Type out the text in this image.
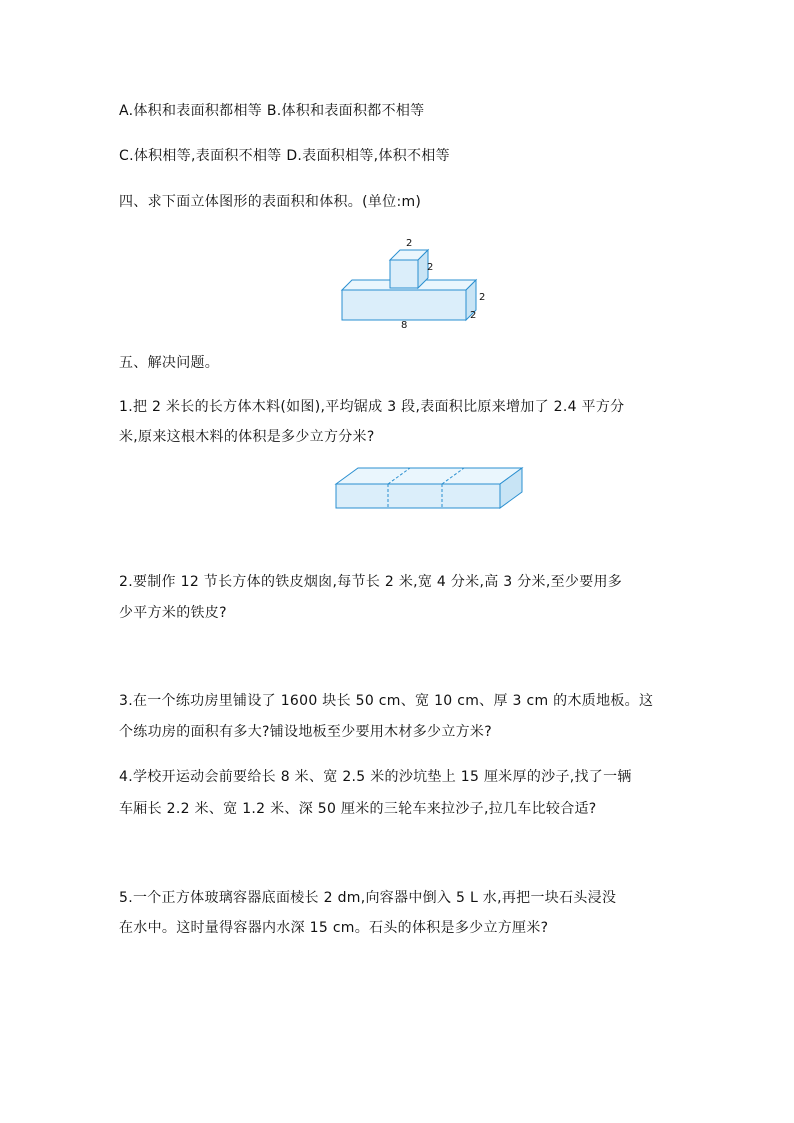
A.体积和表面积都相等 B.体积和表面积都不相等
C.体积相等,表面积不相等 D.表面积相等,体积不相等
四、求下面立体图形的表面积和体积。(单位:m)
2
2
2
2
8
五、解决问题。
1.把 2 米长的长方体木料(如图),平均锯成 3 段,表面积比原来增加了 2.4 平方分
米,原来这根木料的体积是多少立方分米?
2.要制作 12 节长方体的铁皮烟囱,每节长 2 米,宽 4 分米,高 3 分米,至少要用多
少平方米的铁皮?
3.在一个练功房里铺设了 1600 块长 50 cm、宽 10 cm、厚 3 cm 的木质地板。这
个练功房的面积有多大?铺设地板至少要用木材多少立方米?
4.学校开运动会前要给长 8 米、宽 2.5 米的沙坑垫上 15 厘米厚的沙子,找了一辆
车厢长 2.2 米、宽 1.2 米、深 50 厘米的三轮车来拉沙子,拉几车比较合适?
5.一个正方体玻璃容器底面棱长 2 dm,向容器中倒入 5 L 水,再把一块石头浸没
在水中。这时量得容器内水深 15 cm。石头的体积是多少立方厘米?
